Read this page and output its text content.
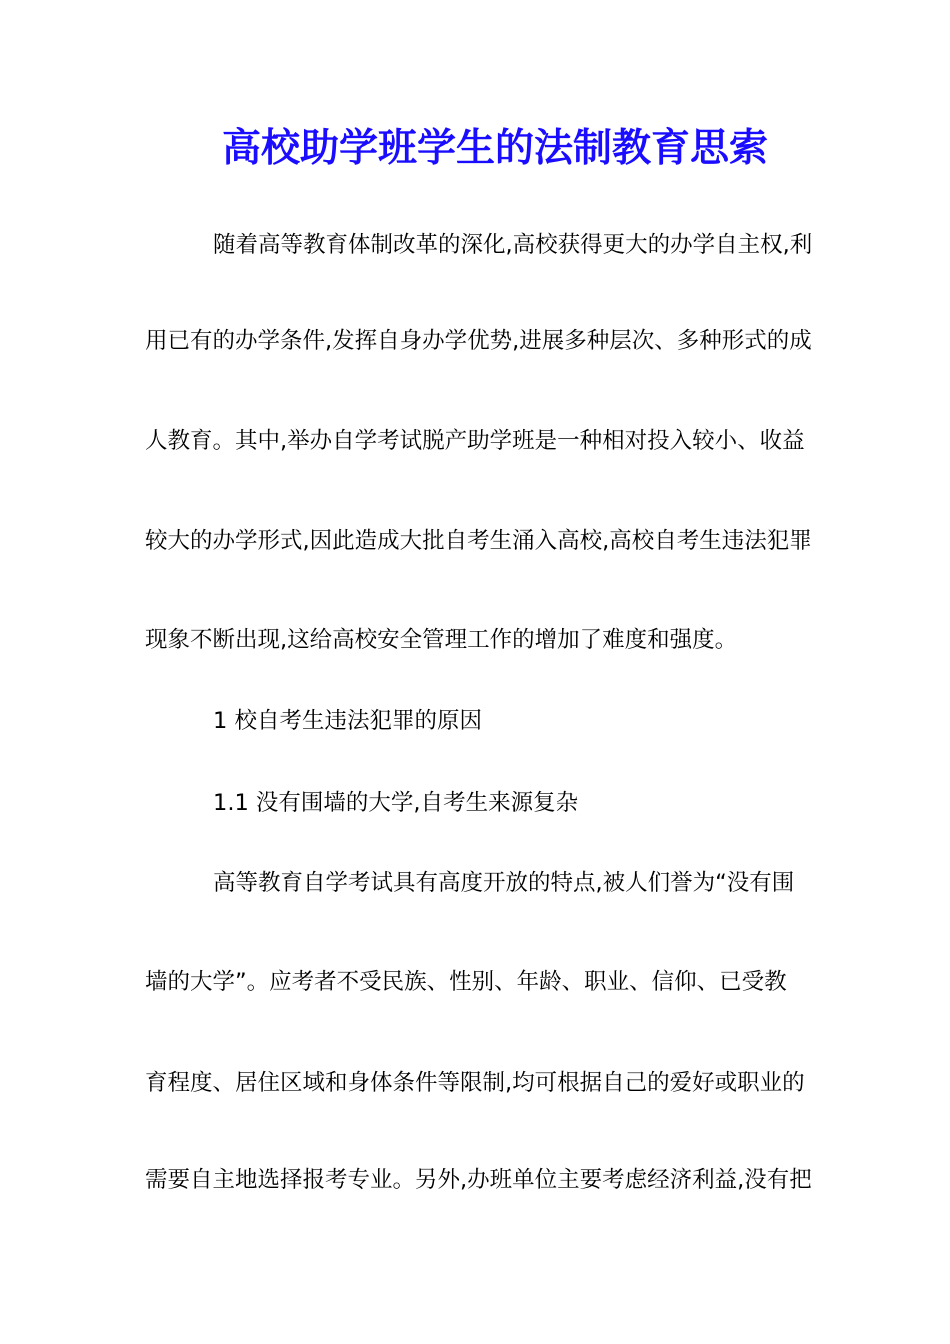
高校助学班学生的法制教育思索

随着高等教育体制改革的深化,高校获得更大的办学自主权,利

用已有的办学条件,发挥自身办学优势,进展多种层次、多种形式的成

人教育。其中,举办自学考试脱产助学班是一种相对投入较小、收益

较大的办学形式,因此造成大批自考生涌入高校,高校自考生违法犯罪

现象不断出现,这给高校安全管理工作的增加了难度和强度。

1 校自考生违法犯罪的原因

1.1 没有围墙的大学,自考生来源复杂

高等教育自学考试具有高度开放的特点,被人们誉为“没有围

墙的大学”。应考者不受民族、性别、年龄、职业、信仰、已受教

育程度、居住区域和身体条件等限制,均可根据自己的爱好或职业的

需要自主地选择报考专业。另外,办班单位主要考虑经济利益,没有把
